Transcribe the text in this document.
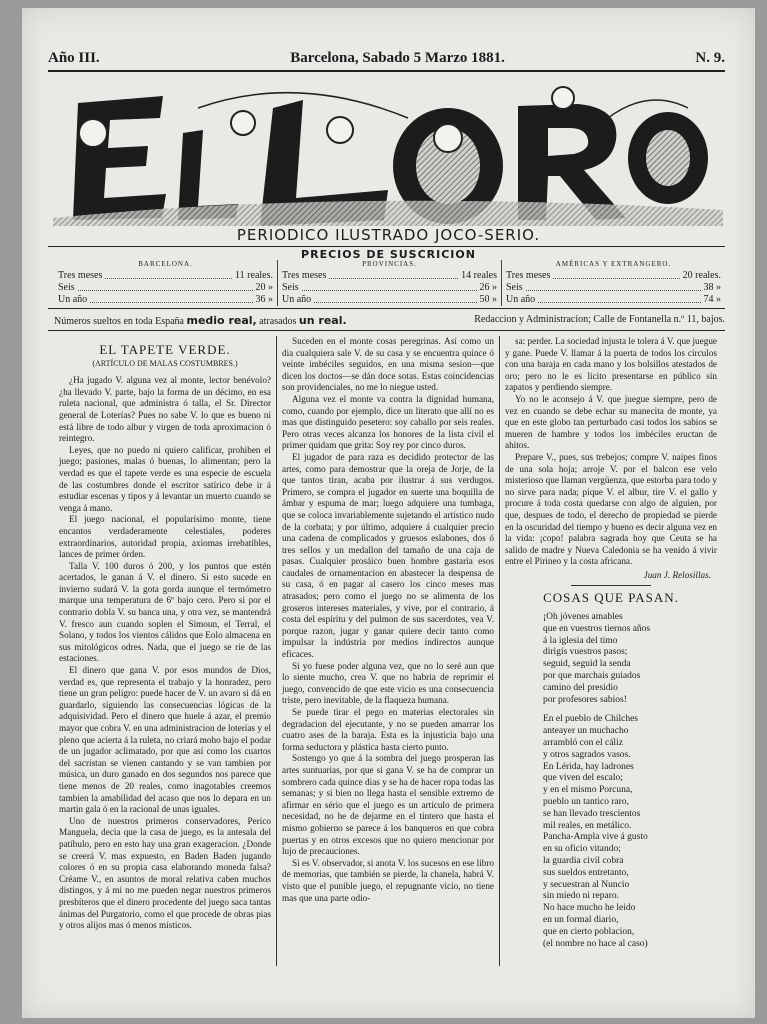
Año III.	Barcelona, Sabado 5 Marzo 1881.	N. 9.
PERIODICO ILUSTRADO JOCO-SERIO.
PRECIOS DE SUSCRICION
BARCELONA.
Tres meses	11 reales.
Seis	20 »
Un año	36 »
PROVINCIAS.
Tres meses	14 reales
Seis	26 »
Un año	50 »
AMÉRICAS Y EXTRANGERO.
Tres meses	20 reales.
Seis	38 »
Un año	74 »
Números sueltos en toda España medio real, atrasados un real.	Redaccion y Administracion; Calle de Fontanella n.º 11, bajos.
EL TAPETE VERDE.
(ARTÍCULO DE MALAS COSTUMBRES.)

¿Ha jugado V. alguna vez al monte, lector benévolo? ¿ha llevado V. parte, bajo la forma de un décimo, en esa ruleta nacional, que administra ó talla, el Sr. Director general de Loterías? Pues no sabe V. lo que es bueno ni está libre de todo albur y virgen de toda aproximacion ó reintegro.

Leyes, que no puedo ni quiero calificar, prohiben el juego; pasiones, malas ó buenas, lo alimentan; pero la verdad es que el tapete verde es una especie de escuela de las costumbres donde el escritor satírico debe ir á estudiar escenas y tipos y á levantar un muerto cuando se venga á mano.

El juego nacional, el popularísimo monte, tiene encantos verdaderamente celestiales, poderes extraordinarios, autoridad propia, axiomas irrebatibles, lances de primer órden.

Talla V. 100 duros ó 200, y los puntos que estén acertados, le ganan á V. el dinero. Si esto sucede en invierno sudará V. la gota gorda aunque el termómetro marque una temperatura de 6º bajo cero. Pero si por el contrario dobla V. su banca una, y otra vez, se mantendrá V. fresco aun cuando soplen el Simoun, el Terral, el Solano, y todos los vientos cálidos que Eolo almacena en sus mitológicos odres. Nada, que el juego se rie de las estaciones.

El dinero que gana V. por esos mundos de Dios, verdad es, que representa el trabajo y la honradez, pero tiene un gran peligro: puede hacer de V. un avaro si dá en guardarlo, siguiendo las consecuencias lógicas de la adquisividad. Pero el dinero que huele á azar, el premio mayor que cobra V. en una administracion de loterías y el pleno que acierta á la ruleta, no criará moho bajo el podar de un jugador aclimatado, por que así como los cuartos del sacristan se vienen cantando y se van tambien por música, un duro ganado en dos segundos nos parece que tiene menos de 20 reales, como inagotables creemos tambien la amabilidad del acaso que nos lo depara en un martin gala ó en la racional de unas iguales.

Uno de nuestros primeros conservadores, Perico Manguela, decia que la casa de juego, es la antesala del patíbulo, pero en esto hay una gran exageracion. ¿Donde se creerá V. mas expuesto, en Baden Baden jugando colores ó en su propia casa elaborando moneda falsa? Créame V., en asuntos de moral relativa caben muchos distingos, y á mi no me pueden negar nuestros primeros presbíteros que el dinero procedente del juego saca tantas ánimas del Purgatorio, como el que procede de obras pias y otros alijos mas ó menos místicos.

Suceden en el monte cosas peregrinas. Así como un dia cualquiera sale V. de su casa y se encuentra quince ó veinte imbéciles seguidos, en una misma sesion—que dicen los doctos—se dán doce sotas. Estas coincidencias son providenciales, no me lo niegue usted.

Alguna vez el monte va contra la dignidad humana, como, cuando por ejemplo, dice un literato que allí no es mas que distinguido pesetero: soy caballo por seis reales. Pero otras veces alcanza los honores de la lista civil el primer quidam que grita: Soy rey por cinco duros.

El jugador de para raza es decidido protector de las artes, como para demostrar que la oreja de Jorje, de la que tantos tiran, acaba por ilustrar á sus verdugos. Primero, se compra el jugador en suerte una boquilla de ámbar y espuma de mar; luego adquiere una tumbaga, que se coloca invariablemente sujetando el artístico nudo de la corbata; y por último, adquiere á cualquier precio una cadena de complicados y gruesos eslabones, dos ó tres sellos y un medallon del tamaño de una caja de pasas. Cualquier prosáico buen hombre gastaria esos caudales de ornamentacion en abastecer la despensa de su casa, ó en pagar al casero los cinco meses mas atrasados; pero como el juego no se alimenta de los groseros intereses materiales, y vive, por el contrario, á costa del espíritu y del pulmon de sus sacerdotes, vea V. porque razon, jugar y ganar quiere decir tanto como impulsar la indústria por medios indirectos aunque eficaces.

Si yo fuese poder alguna vez, que no lo seré aun que lo siente mucho, crea V. que no habria de reprimir el juego, convencido de que este vicio es una consecuencia triste, pero inevitable, de la flaqueza humana.

Se puede tirar el pego en materias electorales sin degradacion del ejecutante, y no se pueden amarrar los cuatro ases de la baraja. Esta es la injusticia bajo una forma seductora y plástica hasta cierto punto.

Sostengo yo que á la sombra del juego prosperan las artes suntuarias, por que si gana V. se ha de comprar un sombrero cada quince dias y se ha de hacer ropa todas las semanas; y si bien no llega hasta el sensible extremo de afirmar en sério que el juego es un artículo de primera necesidad, no he de dejarme en el tintero que hasta el mismo gobierno se parece á los banqueros en que cobra puertas y en otros excesos que no quiero mencionar por lujo de precauciones.

Si es V. observador, si anota V. los sucesos en ese libro de memorias, que también se pierde, la chanela, habrá V. visto que el punible juego, el repugnante vicio, no tiene mas que una parte odio-

sa: perder. La sociedad injusta le tolera á V. que juegue y gane. Puede V. llamar á la puerta de todos los círculos con una baraja en cada mano y los bolsillos atestados de oro; pero no le es lícito presentarse en público sin zapatos y perdiendo siempre.

Yo no le aconsejo á V. que juegue siempre, pero de vez en cuando se debe echar su manecita de monte, ya que en este globo tan perturbado casi todos los sabios se mueren de hambre y todos los imbéciles eructan de ahitos.

Prepare V., pues, sus trebejos; compre V. naipes finos de una sola hoja; arroje V. por el balcon ese velo misterioso que llaman vergüenza, que estorba para todo y no sirve para nada; pique V. el albur, tire V. el gallo y procure á toda costa quedarse con algo de alguien, por que, despues de todo, el derecho de propiedad se pierde en la oscuridad del tiempo y bueno es decir alguna vez en la vida: ¡copo! palabra sagrada hoy que Ceuta se ha salido de madre y Nueva Caledonia se ha venido á vivir entre el Pirineo y la costa africana.

Juan J. Relosillas.
COSAS QUE PASAN.
¡Oh jóvenes amables
que en vuestros tiernos años
á la iglesia del timo
dirigís vuestros pasos;
seguid, seguid la senda
por que marchais guiados
camino del presidio
por profesores sabios!
En el pueblo de Chilches
anteayer un muchacho
arrambló con el cáliz
y otros sagrados vasos.
En Lérida, hay ladrones
que viven del escalo;
y en el mismo Porcuna,
pueblo un tantico raro,
se han llevado trescientos
mil reales, en metálico.
Pancha-Ampla vive á gusto
en su oficio vitando;
la guardia civil cobra
sus sueldos entretanto,
y secuestran al Nuncio
sin miedo ni reparo.
No hace mucho he leido
en un formal diario,
que en cierto poblacion,
(el nombre no hace al caso)
